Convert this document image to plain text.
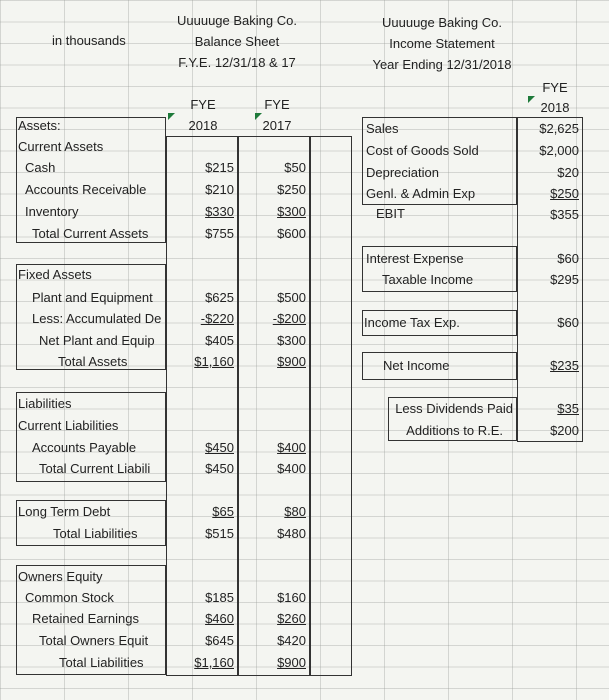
in thousands
Uuuuuge Baking Co.
Balance Sheet
F.Y.E. 12/31/18 & 17
Uuuuuge Baking Co.
Income Statement
Year Ending 12/31/2018
FYE
2018
FYE
2017
FYE
2018
Assets:
Current Assets
Cash
Accounts Receivable
Inventory
Total Current Assets
Fixed Assets
Plant and Equipment
Less: Accumulated De
Net Plant and Equip
Total Assets
Liabilities
Current Liabilities
Accounts Payable
Total Current Liabili
Long Term Debt
Total Liabilities
Owners Equity
Common Stock
Retained Earnings
Total Owners Equit
Total Liabilities
$215
$210
$330
$755
$625
-$220
$405
$1,160
$450
$450
$65
$515
$185
$460
$645
$1,160
$50
$250
$300
$600
$500
-$200
$300
$900
$400
$400
$80
$480
$160
$260
$420
$900
Sales
Cost of Goods Sold
Depreciation
Genl. & Admin Exp
EBIT
Interest Expense
Taxable Income
Income Tax Exp.
Net Income
Less Dividends Paid
Additions to R.E.
$2,625
$2,000
$20
$250
$355
$60
$295
$60
$235
$35
$200
